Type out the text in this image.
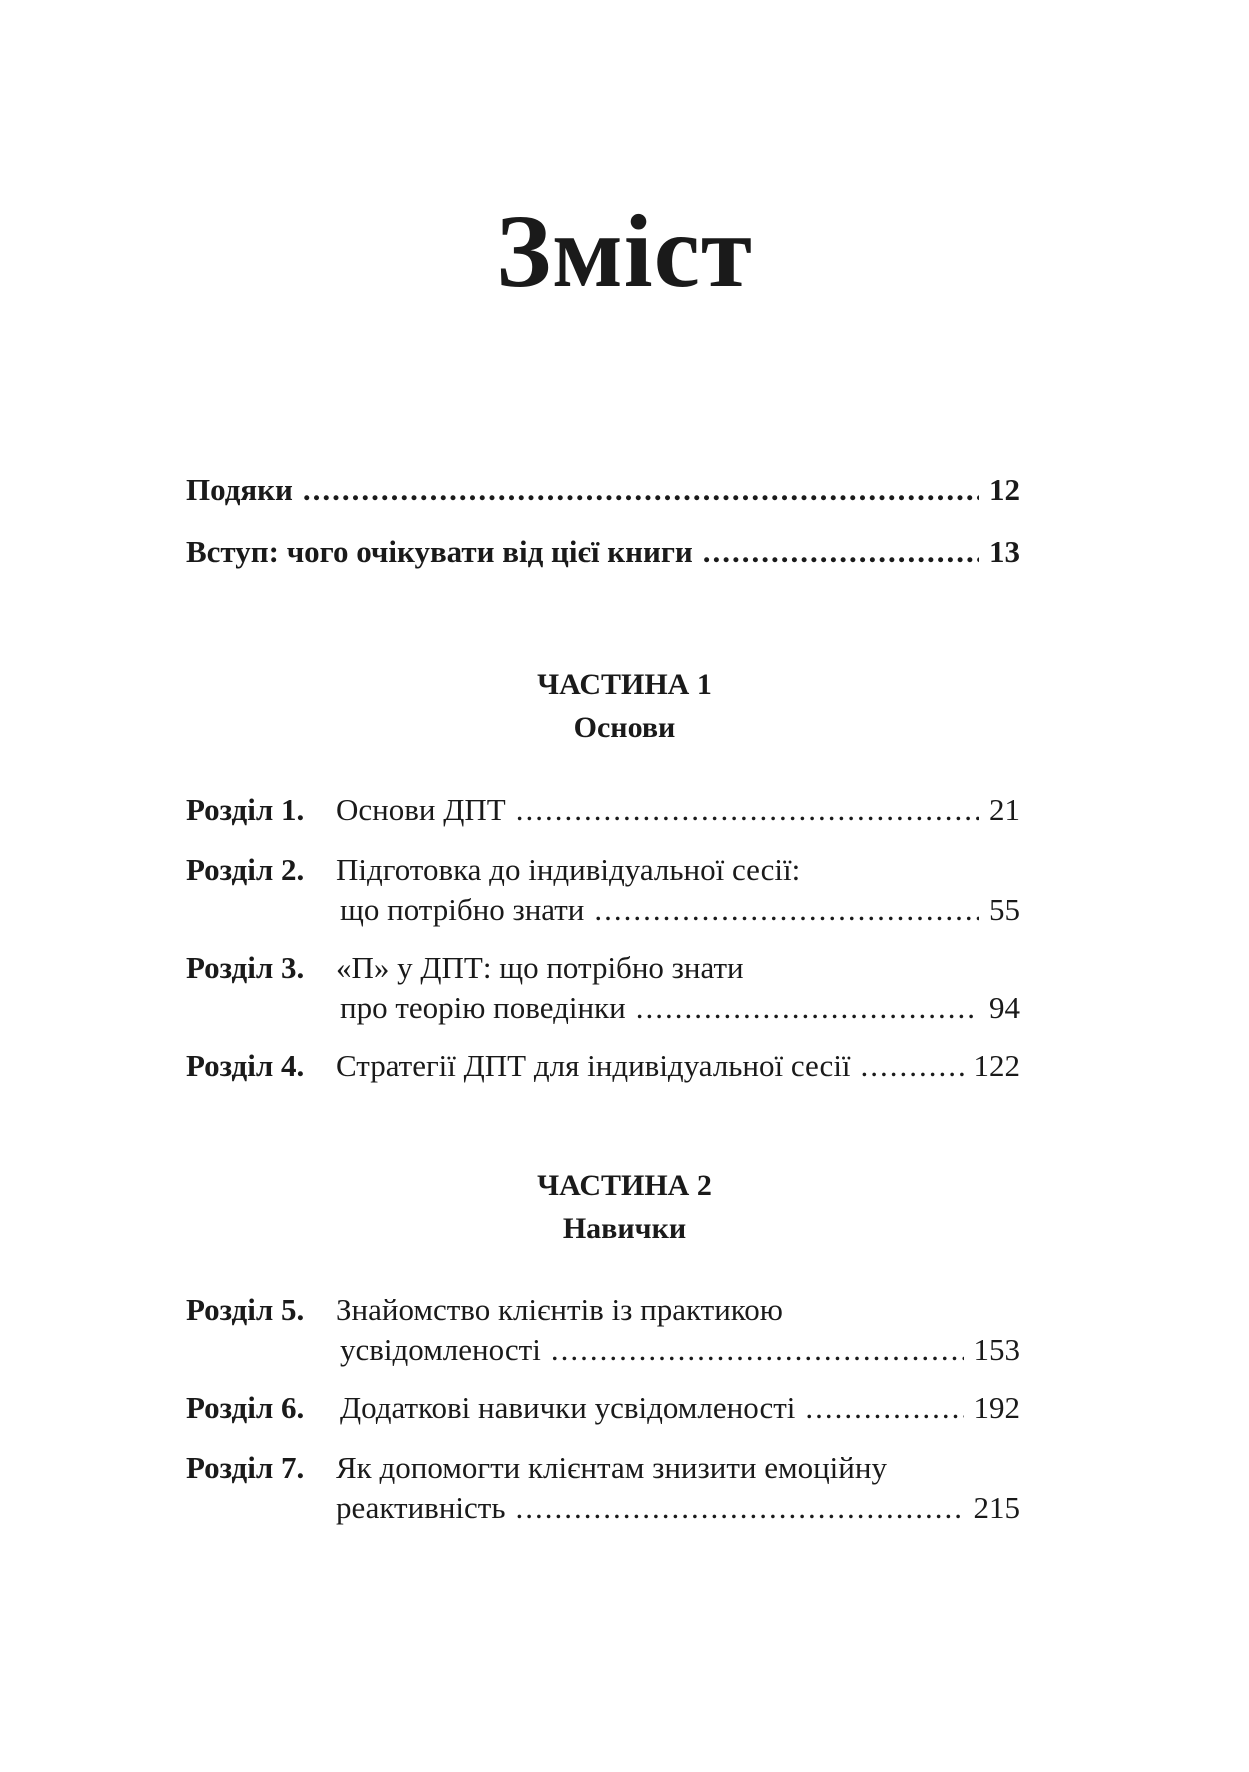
Зміст
Подяки .....	12
Вступ: чого очікувати від цієї книги .....	13
ЧАСТИНА 1
Основи
Розділ 1.	Основи ДПТ .....	21
Розділ 2.	Підготовка до індивідуальної сесії:
що потрібно знати .....	55
Розділ 3.	«П» у ДПТ: що потрібно знати
про теорію поведінки .....	94
Розділ 4.	Стратегії ДПТ для індивідуальної сесії .....	122
ЧАСТИНА 2
Навички
Розділ 5.	Знайомство клієнтів із практикою
усвідомленості .....	153
Розділ 6.	Додаткові навички усвідомленості .....	192
Розділ 7.	Як допомогти клієнтам знизити емоційну
реактивність .....	215
